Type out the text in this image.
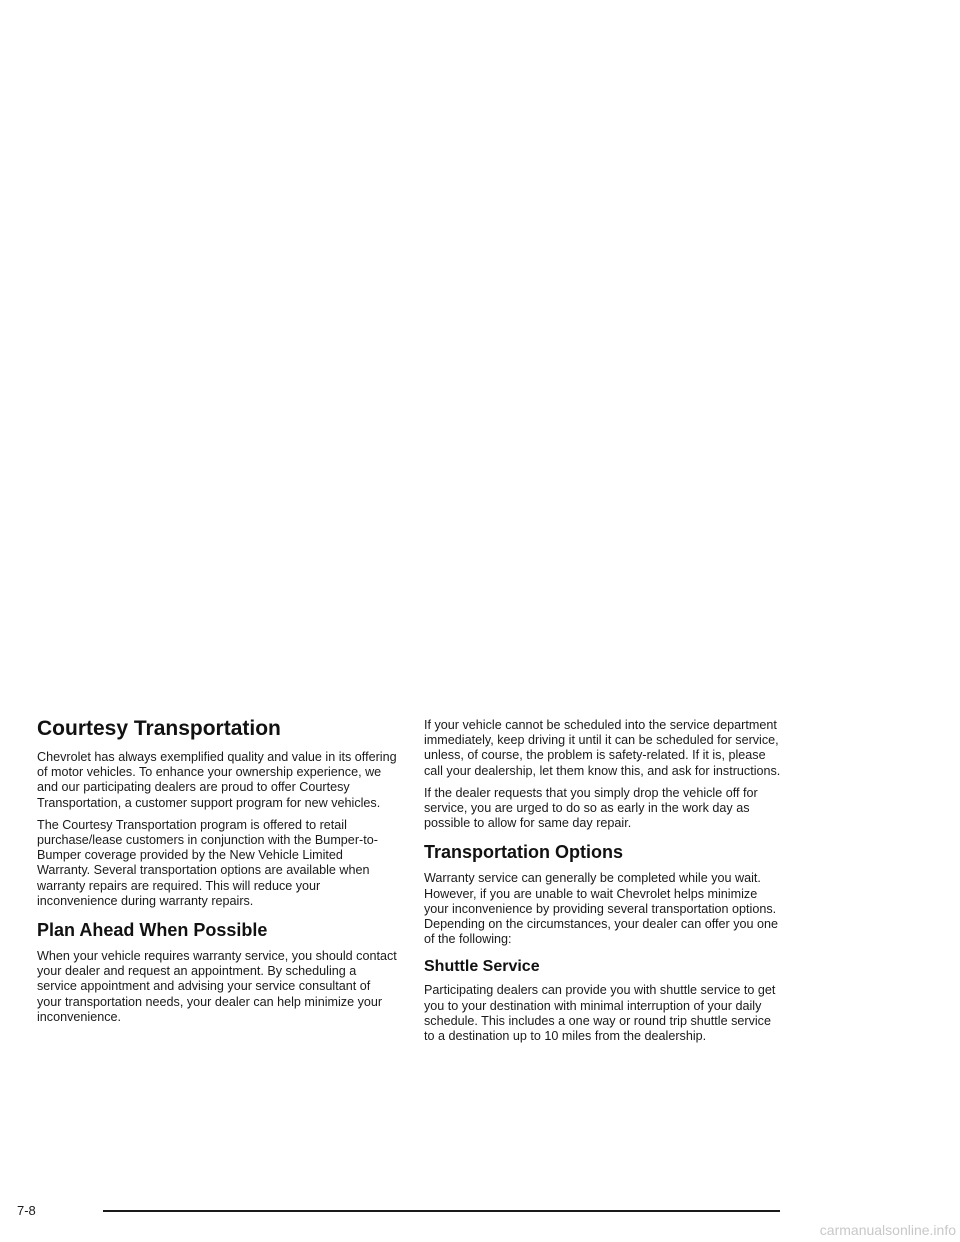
Courtesy Transportation

Chevrolet has always exemplified quality and value in its offering of motor vehicles. To enhance your ownership experience, we and our participating dealers are proud to offer Courtesy Transportation, a customer support program for new vehicles.

The Courtesy Transportation program is offered to retail purchase/lease customers in conjunction with the Bumper-to-Bumper coverage provided by the New Vehicle Limited Warranty. Several transportation options are available when warranty repairs are required. This will reduce your inconvenience during warranty repairs.

Plan Ahead When Possible

When your vehicle requires warranty service, you should contact your dealer and request an appointment. By scheduling a service appointment and advising your service consultant of your transportation needs, your dealer can help minimize your inconvenience.

If your vehicle cannot be scheduled into the service department immediately, keep driving it until it can be scheduled for service, unless, of course, the problem is safety-related. If it is, please call your dealership, let them know this, and ask for instructions.

If the dealer requests that you simply drop the vehicle off for service, you are urged to do so as early in the work day as possible to allow for same day repair.

Transportation Options

Warranty service can generally be completed while you wait. However, if you are unable to wait Chevrolet helps minimize your inconvenience by providing several transportation options. Depending on the circumstances, your dealer can offer you one of the following:

Shuttle Service

Participating dealers can provide you with shuttle service to get you to your destination with minimal interruption of your daily schedule. This includes a one way or round trip shuttle service to a destination up to 10 miles from the dealership.

7-8
carmanualsonline.info
